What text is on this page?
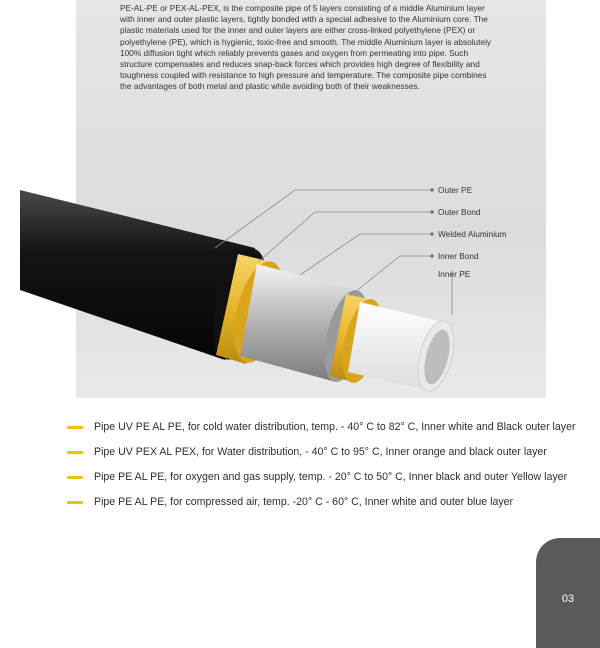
PE-AL-PE or PEX-AL-PEX, is the composite pipe of 5 layers consisting of a middle Aluminium layer with inner and outer plastic layers, tightly bonded with a special adhesive to the Aluminium core. The plastic materials used for the inner and outer layers are either cross-linked polyethylene (PEX) or polyethylene (PE), which is hygienic, toxic-free and smooth. The middle Aluminium layer is absolutely 100% diffusion tight which reliably prevents gases and oxygen from permeating into pipe. Such structure compensates and reduces snap-back forces which provides high degree of flexibility and toughness coupled with resistance to high pressure and temperature. The composite pipe combines the advantages of both metal and plastic while avoiding both of their weaknesses.

Outer PE
Outer Bond
Welded Aluminium
Inner Bond
Inner PE
Pipe UV PE AL PE, for cold water distribution, temp. - 40° C to 82° C, Inner white and Black outer layer
Pipe UV PEX AL PEX, for Water distribution, - 40° C to 95° C, Inner orange and black outer layer
Pipe PE AL PE, for oxygen and gas supply, temp. - 20° C to 50° C, Inner black and outer Yellow layer
Pipe PE AL PE, for compressed air, temp. -20° C - 60° C, Inner white and outer blue layer
03
